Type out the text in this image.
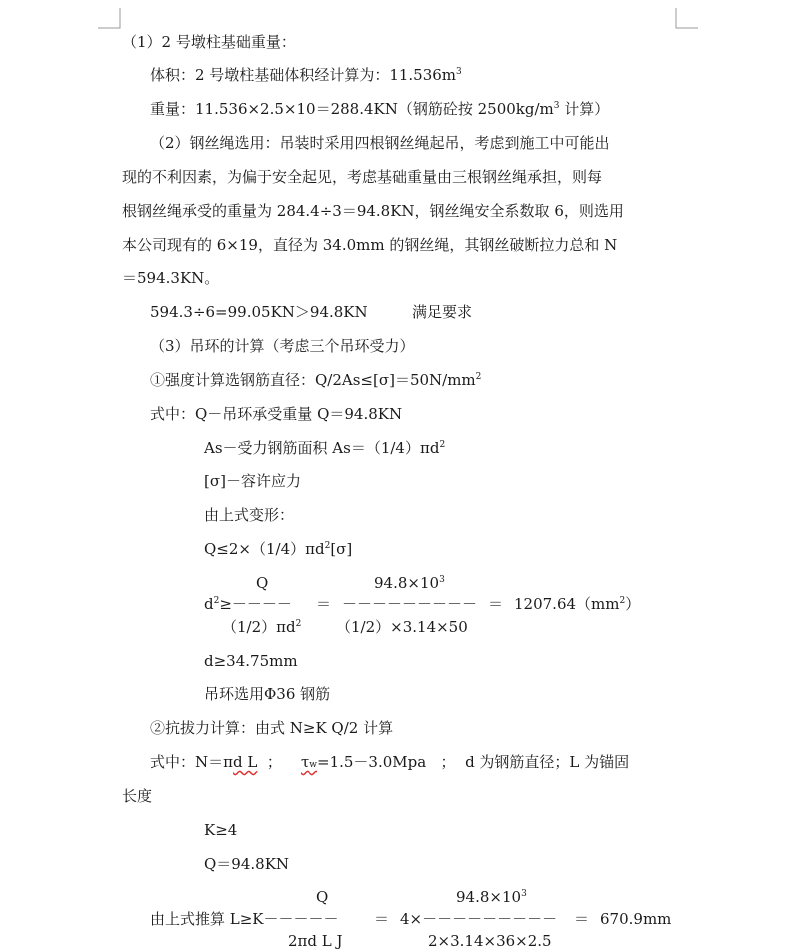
（1）2 号墩柱基础重量：
体积：2 号墩柱基础体积经计算为：$11.536m^3$
重量：11.536×2.5×10＝288.4KN（钢筋砼按 $2500kg/m^3$ 计算）
（2）钢丝绳选用：吊装时采用四根钢丝绳起吊，考虑到施工中可能出
现的不利因素，为偏于安全起见，考虑基础重量由三根钢丝绳承担，则每
根钢丝绳承受的重量为 284.4÷3＝94.8KN，钢丝绳安全系数取 6，则选用
本公司现有的 6×19，直径为 34.0mm 的钢丝绳，其钢丝破断拉力总和 N
＝594.3KN。
594.3÷6=99.05KN＞94.8KN	满足要求
（3）吊环的计算（考虑三个吊环受力）
①强度计算选钢筋直径：$Q/2As\le[\sigma]=50N/mm^2$
式中：Q－吊环承受重量 Q＝94.8KN
As－受力钢筋面积 $As=(1/4)\pi d^2$
[σ]－容许应力
由上式变形：
$Q\le 2\times(1/4)\pi d^2[\sigma]$
Q	$94.8\times 10^3$
$d^2\ge----$ ＝ －－－－－－－－－ ＝ $1207.64(mm^2)$
$(1/2)\pi d^2$ （1/2）×3.14×50
d≥34.75mm
吊环选用Φ36 钢筋
②抗拔力计算：由式 N≥K Q/2 计算
式中：N＝πd L ； $\tau_w=1.5-3.0Mpa$ ； d 为钢筋直径；L 为锚固
长度
K≥4
Q＝94.8KN
Q	$94.8\times 10^3$
由上式推算 L≥K－－－－－ ＝ 4×－－－－－－－－－ ＝ 670.9mm
2πd L J	2×3.14×36×2.5
